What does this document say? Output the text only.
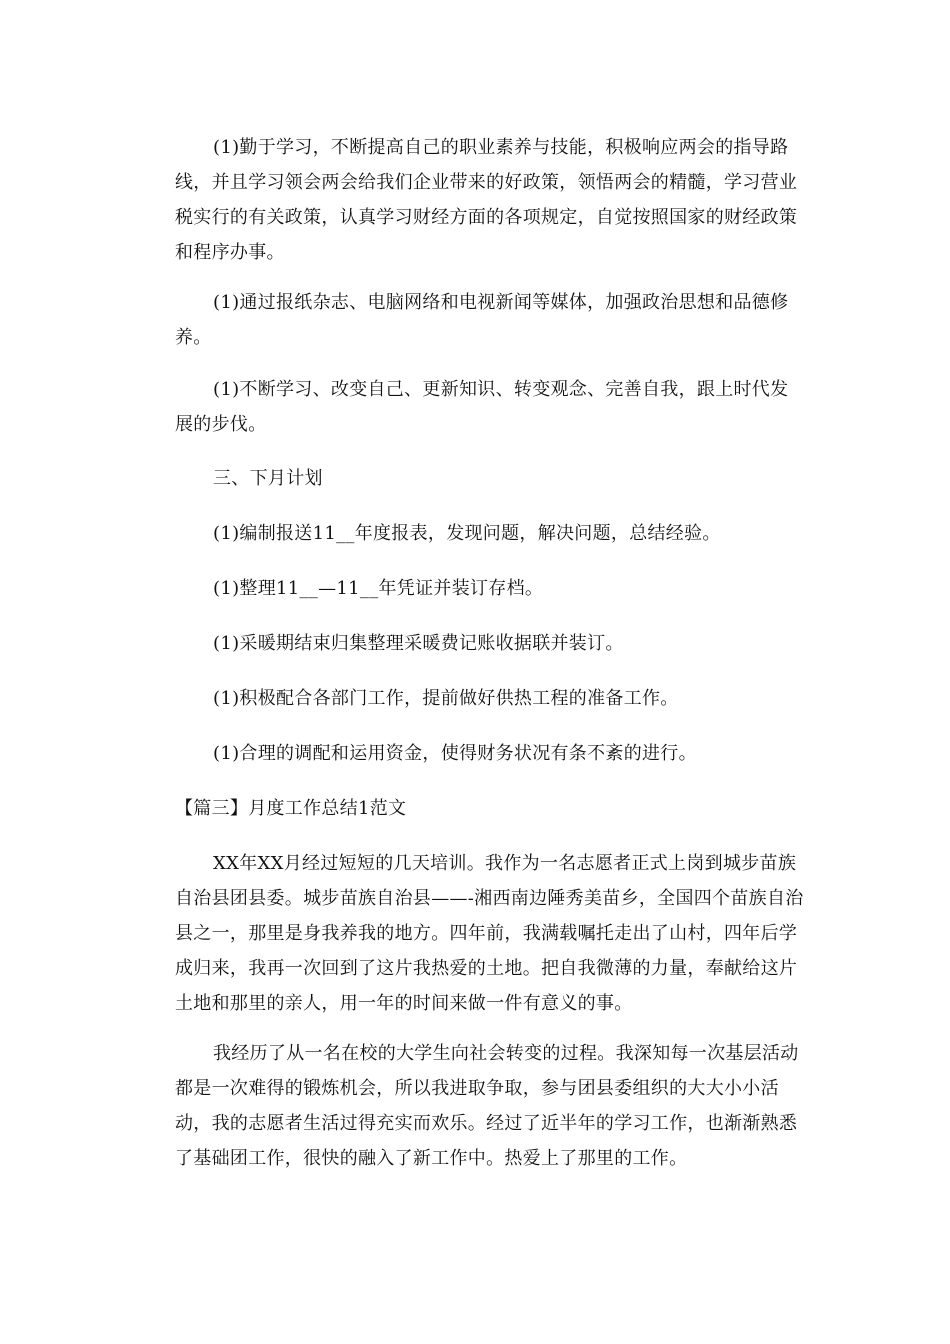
(1)勤于学习，不断提高自己的职业素养与技能，积极响应两会的指导路线，并且学习领会两会给我们企业带来的好政策，领悟两会的精髓，学习营业税实行的有关政策，认真学习财经方面的各项规定，自觉按照国家的财经政策和程序办事。

(1)通过报纸杂志、电脑网络和电视新闻等媒体，加强政治思想和品德修养。

(1)不断学习、改变自己、更新知识、转变观念、完善自我，跟上时代发展的步伐。

三、下月计划

(1)编制报送11__年度报表，发现问题，解决问题，总结经验。

(1)整理11__—11__年凭证并装订存档。

(1)采暖期结束归集整理采暖费记账收据联并装订。

(1)积极配合各部门工作，提前做好供热工程的准备工作。

(1)合理的调配和运用资金，使得财务状况有条不紊的进行。

【篇三】月度工作总结1范文

XX年XX月经过短短的几天培训。我作为一名志愿者正式上岗到城步苗族自治县团县委。城步苗族自治县——-湘西南边陲秀美苗乡，全国四个苗族自治县之一，那里是身我养我的地方。四年前，我满载嘱托走出了山村，四年后学成归来，我再一次回到了这片我热爱的土地。把自我微薄的力量，奉献给这片土地和那里的亲人，用一年的时间来做一件有意义的事。

我经历了从一名在校的大学生向社会转变的过程。我深知每一次基层活动都是一次难得的锻炼机会，所以我进取争取，参与团县委组织的大大小小活动，我的志愿者生活过得充实而欢乐。经过了近半年的学习工作，也渐渐熟悉了基础团工作，很快的融入了新工作中。热爱上了那里的工作。
